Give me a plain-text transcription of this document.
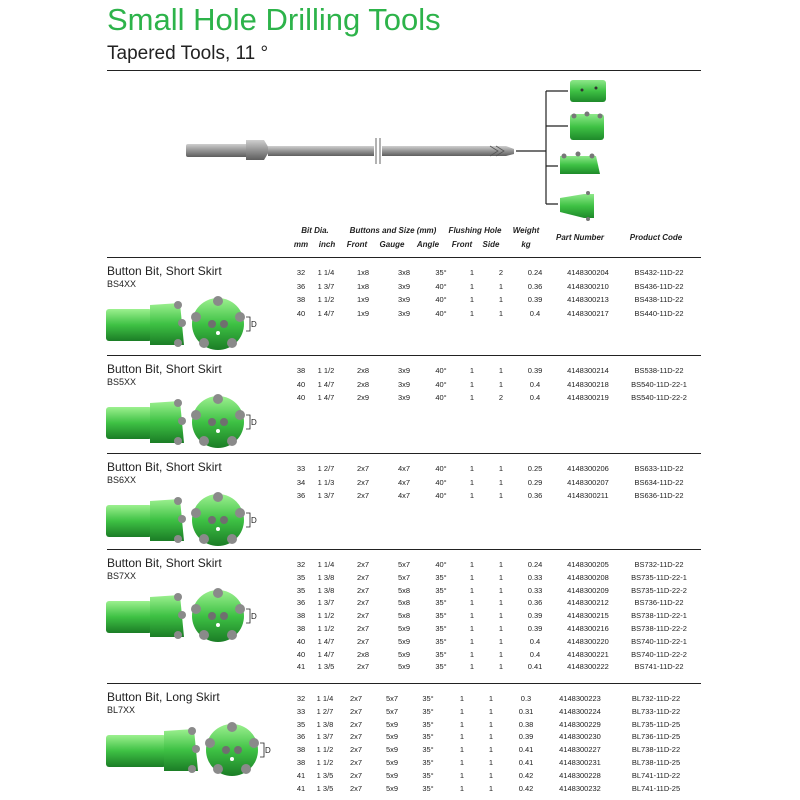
Small Hole Drilling Tools
Tapered Tools, 11 °
Bit Dia.	Buttons and Size (mm) Flushing Hole Weight
mm inch Front Gauge Angle Front Side	kg
Part Number	Product Code
Button Bit, Short Skirt
BS4XX
D
32 1 1/4	1x8	3x8	35°	1	2	0.24	4148300204	BS432-11D-22
36 1 3/7	1x8	3x9	40°	1	1	0.36	4148300210	BS436-11D-22
38 1 1/2	1x9	3x9	40°	1	1	0.39	4148300213	BS438-11D-22
40 1 4/7	1x9	3x9	40°	1	1	0.4	4148300217	BS440-11D-22
Button Bit, Short Skirt
BS5XX
D
38 1 1/2	2x8	3x9	40°	1	1	0.39	4148300214	BS538-11D-22
40 1 4/7	2x8	3x9	40°	1	1	0.4	4148300218	BS540-11D-22-1
40 1 4/7	2x9	3x9	40°	1	2	0.4	4148300219	BS540-11D-22-2
Button Bit, Short Skirt
BS6XX
D
33 1 2/7	2x7	4x7	40°	1	1	0.25	4148300206	BS633-11D-22
34 1 1/3	2x7	4x7	40°	1	1	0.29	4148300207	BS634-11D-22
36 1 3/7	2x7	4x7	40°	1	1	0.36	4148300211	BS636-11D-22
Button Bit, Short Skirt
BS7XX
D
32 1 1/4	2x7	5x7	40°	1	1	0.24	4148300205	BS732-11D-22
35 1 3/8	2x7	5x7	35°	1	1	0.33	4148300208	BS735-11D-22-1
35 1 3/8	2x7	5x8	35°	1	1	0.33	4148300209	BS735-11D-22-2
36 1 3/7	2x7	5x8	35°	1	1	0.36	4148300212	BS736-11D-22
38 1 1/2	2x7	5x8	35°	1	1	0.39	4148300215	BS738-11D-22-1
38 1 1/2	2x7	5x9	35°	1	1	0.39	4148300216	BS738-11D-22-2
40 1 4/7	2x7	5x9	35°	1	1	0.4	4148300220	BS740-11D-22-1
40 1 4/7	2x8	5x9	35°	1	1	0.4	4148300221	BS740-11D-22-2
41 1 3/5	2x7	5x9	35°	1	1	0.41	4148300222	BS741-11D-22
Button Bit, Long Skirt
BL7XX
D
32 1 1/4 2x7	5x7	35°	1	1	0.3	4148300223	BL732-11D-22
33 1 2/7 2x7	5x7	35°	1	1	0.31	4148300224	BL733-11D-22
35 1 3/8 2x7	5x9	35°	1	1	0.38	4148300229	BL735-11D-25
36 1 3/7 2x7	5x9	35°	1	1	0.39	4148300230	BL736-11D-25
38 1 1/2 2x7	5x9	35°	1	1	0.41	4148300227	BL738-11D-22
38 1 1/2 2x7	5x9	35°	1	1	0.41	4148300231	BL738-11D-25
41 1 3/5 2x7	5x9	35°	1	1	0.42	4148300228	BL741-11D-22
41 1 3/5 2x7	5x9	35°	1	1	0.42	4148300232	BL741-11D-25
